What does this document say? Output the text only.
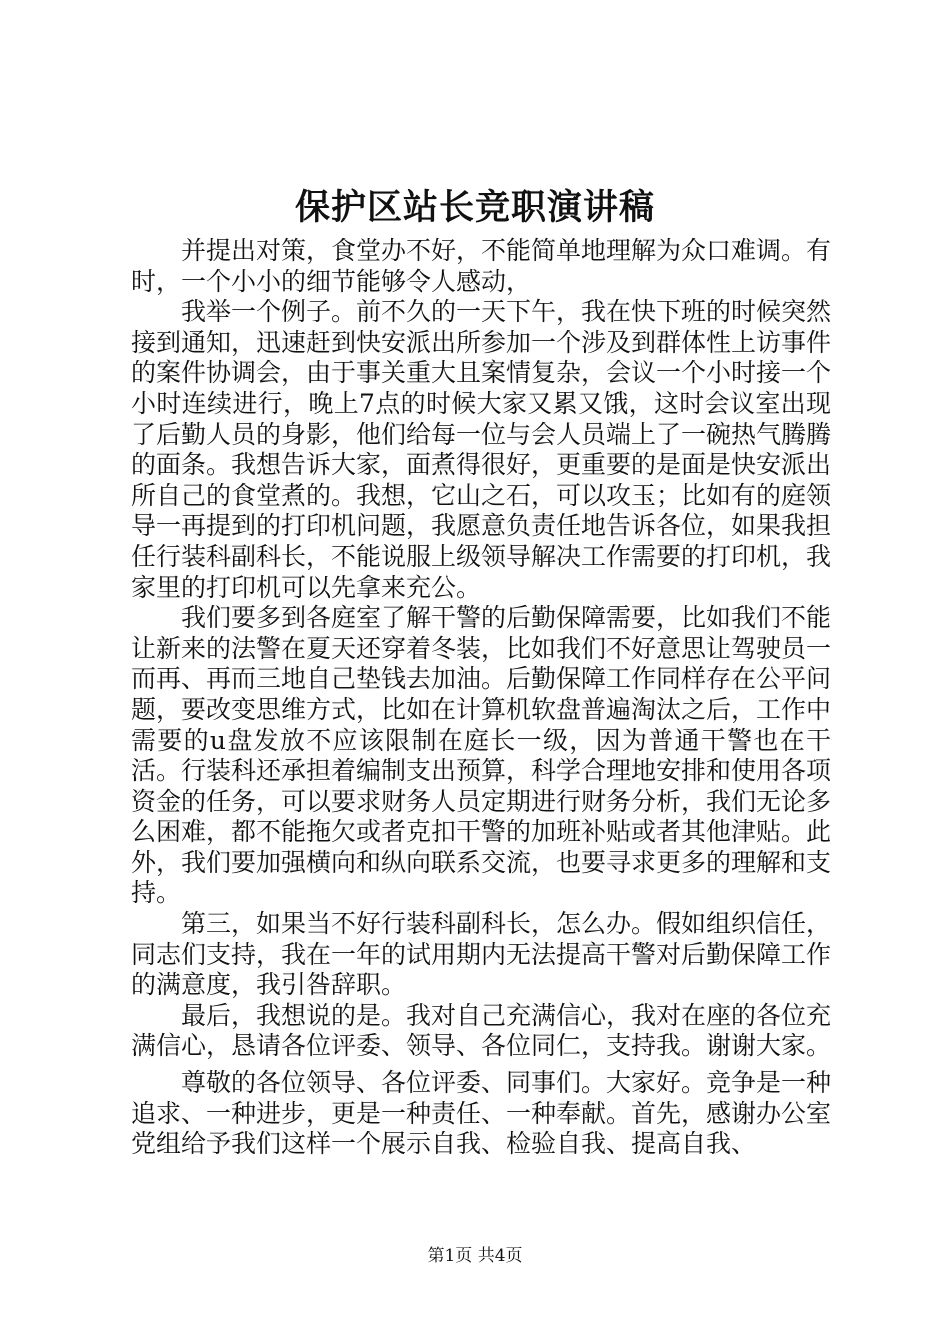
保护区站长竞职演讲稿

并提出对策，食堂办不好，不能简单地理解为众口难调。有时，一个小小的细节能够令人感动，

我举一个例子。前不久的一天下午，我在快下班的时候突然接到通知，迅速赶到快安派出所参加一个涉及到群体性上访事件的案件协调会，由于事关重大且案情复杂，会议一个小时接一个小时连续进行，晚上7点的时候大家又累又饿，这时会议室出现了后勤人员的身影，他们给每一位与会人员端上了一碗热气腾腾的面条。我想告诉大家，面煮得很好，更重要的是面是快安派出所自己的食堂煮的。我想，它山之石，可以攻玉；比如有的庭领导一再提到的打印机问题，我愿意负责任地告诉各位，如果我担任行装科副科长，不能说服上级领导解决工作需要的打印机，我家里的打印机可以先拿来充公。

我们要多到各庭室了解干警的后勤保障需要，比如我们不能让新来的法警在夏天还穿着冬装，比如我们不好意思让驾驶员一而再、再而三地自己垫钱去加油。后勤保障工作同样存在公平问题，要改变思维方式，比如在计算机软盘普遍淘汰之后，工作中需要的u盘发放不应该限制在庭长一级，因为普通干警也在干活。行装科还承担着编制支出预算，科学合理地安排和使用各项资金的任务，可以要求财务人员定期进行财务分析，我们无论多么困难，都不能拖欠或者克扣干警的加班补贴或者其他津贴。此外，我们要加强横向和纵向联系交流，也要寻求更多的理解和支持。

第三，如果当不好行装科副科长，怎么办。假如组织信任，同志们支持，我在一年的试用期内无法提高干警对后勤保障工作的满意度，我引咎辞职。

最后，我想说的是。我对自己充满信心，我对在座的各位充满信心，恳请各位评委、领导、各位同仁，支持我。谢谢大家。

尊敬的各位领导、各位评委、同事们。大家好。竞争是一种追求、一种进步，更是一种责任、一种奉献。首先，感谢办公室党组给予我们这样一个展示自我、检验自我、提高自我、

第1页 共4页
